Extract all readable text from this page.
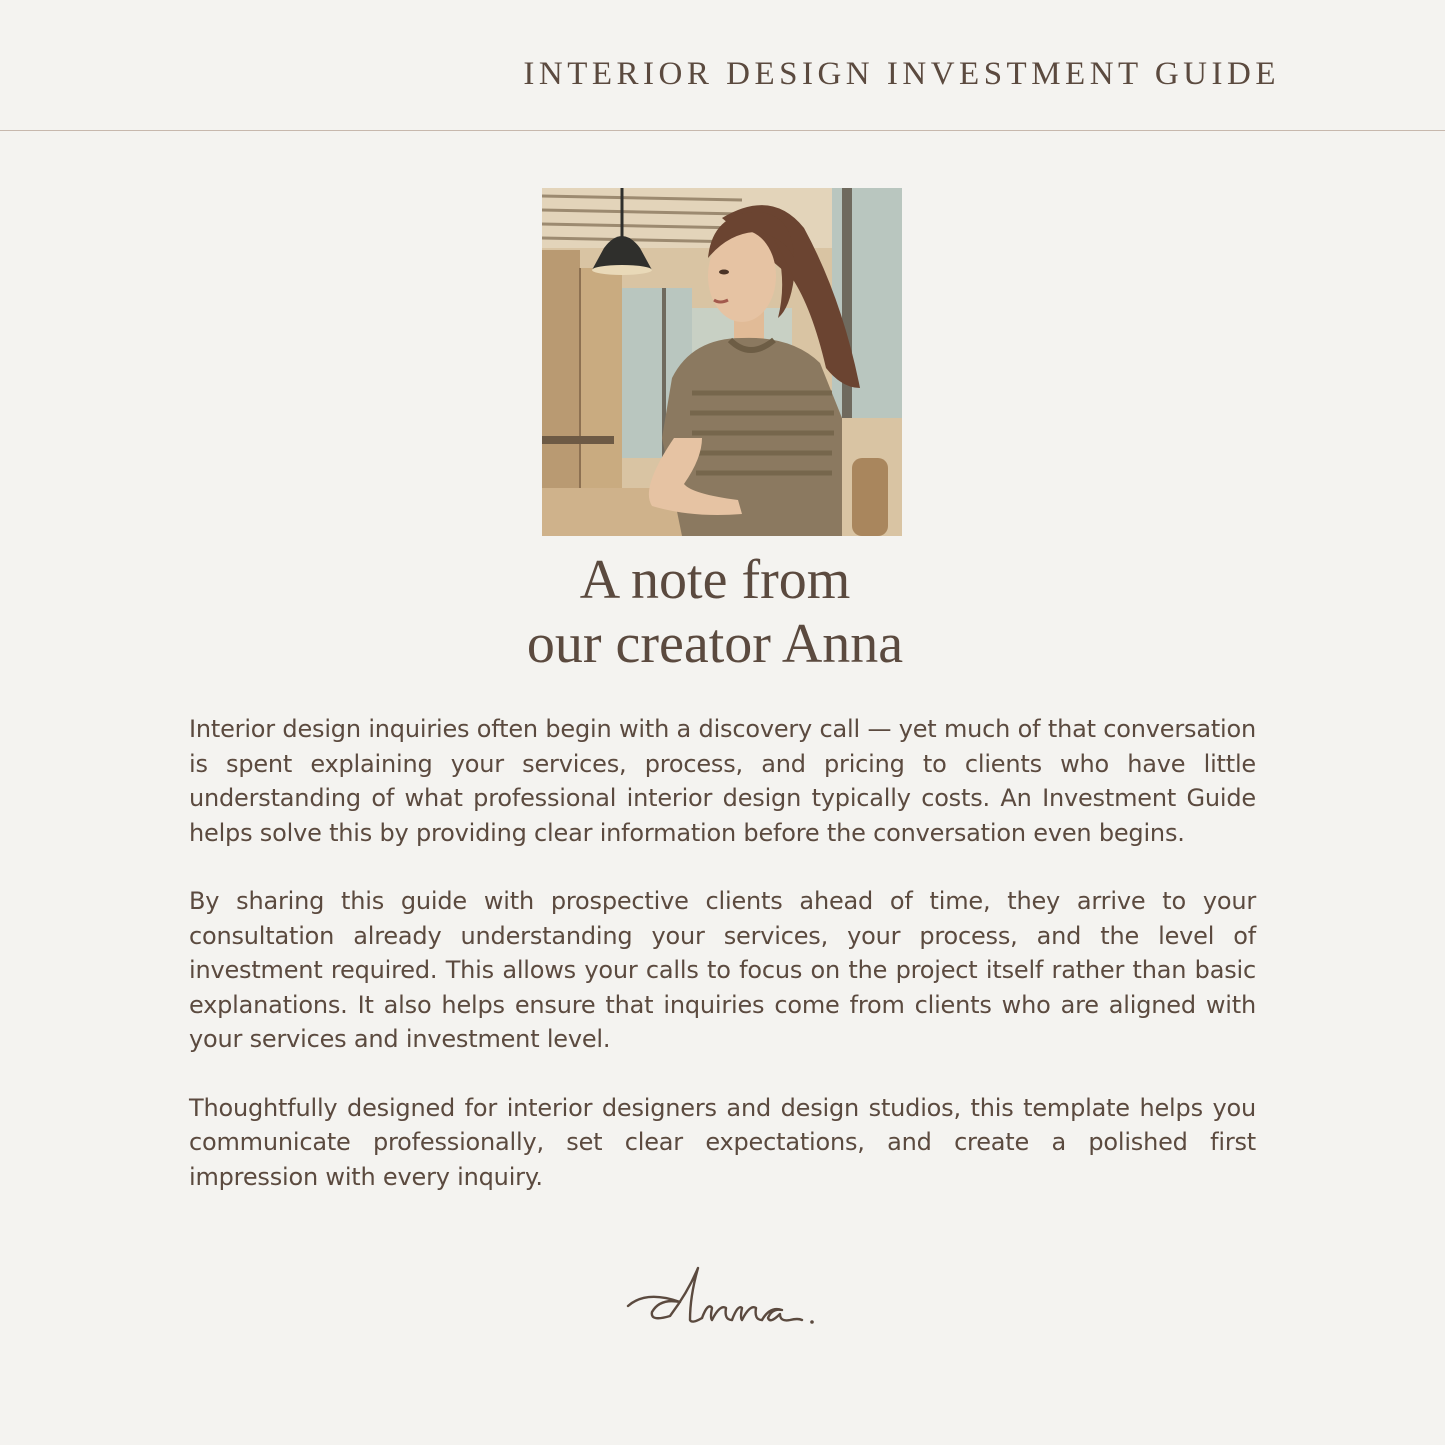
INTERIOR DESIGN INVESTMENT GUIDE
A note from
our creator Anna

Interior design inquiries often begin with a discovery call — yet much of that conversation is spent explaining your services, process, and pricing to clients who have little understanding of what professional interior design typically costs. An Investment Guide helps solve this by providing clear information before the conversation even begins.

By sharing this guide with prospective clients ahead of time, they arrive to your consultation already understanding your services, your process, and the level of investment required. This allows your calls to focus on the project itself rather than basic explanations. It also helps ensure that inquiries come from clients who are aligned with your services and investment level.

Thoughtfully designed for interior designers and design studios, this template helps you communicate professionally, set clear expectations, and create a polished first impression with every inquiry.
